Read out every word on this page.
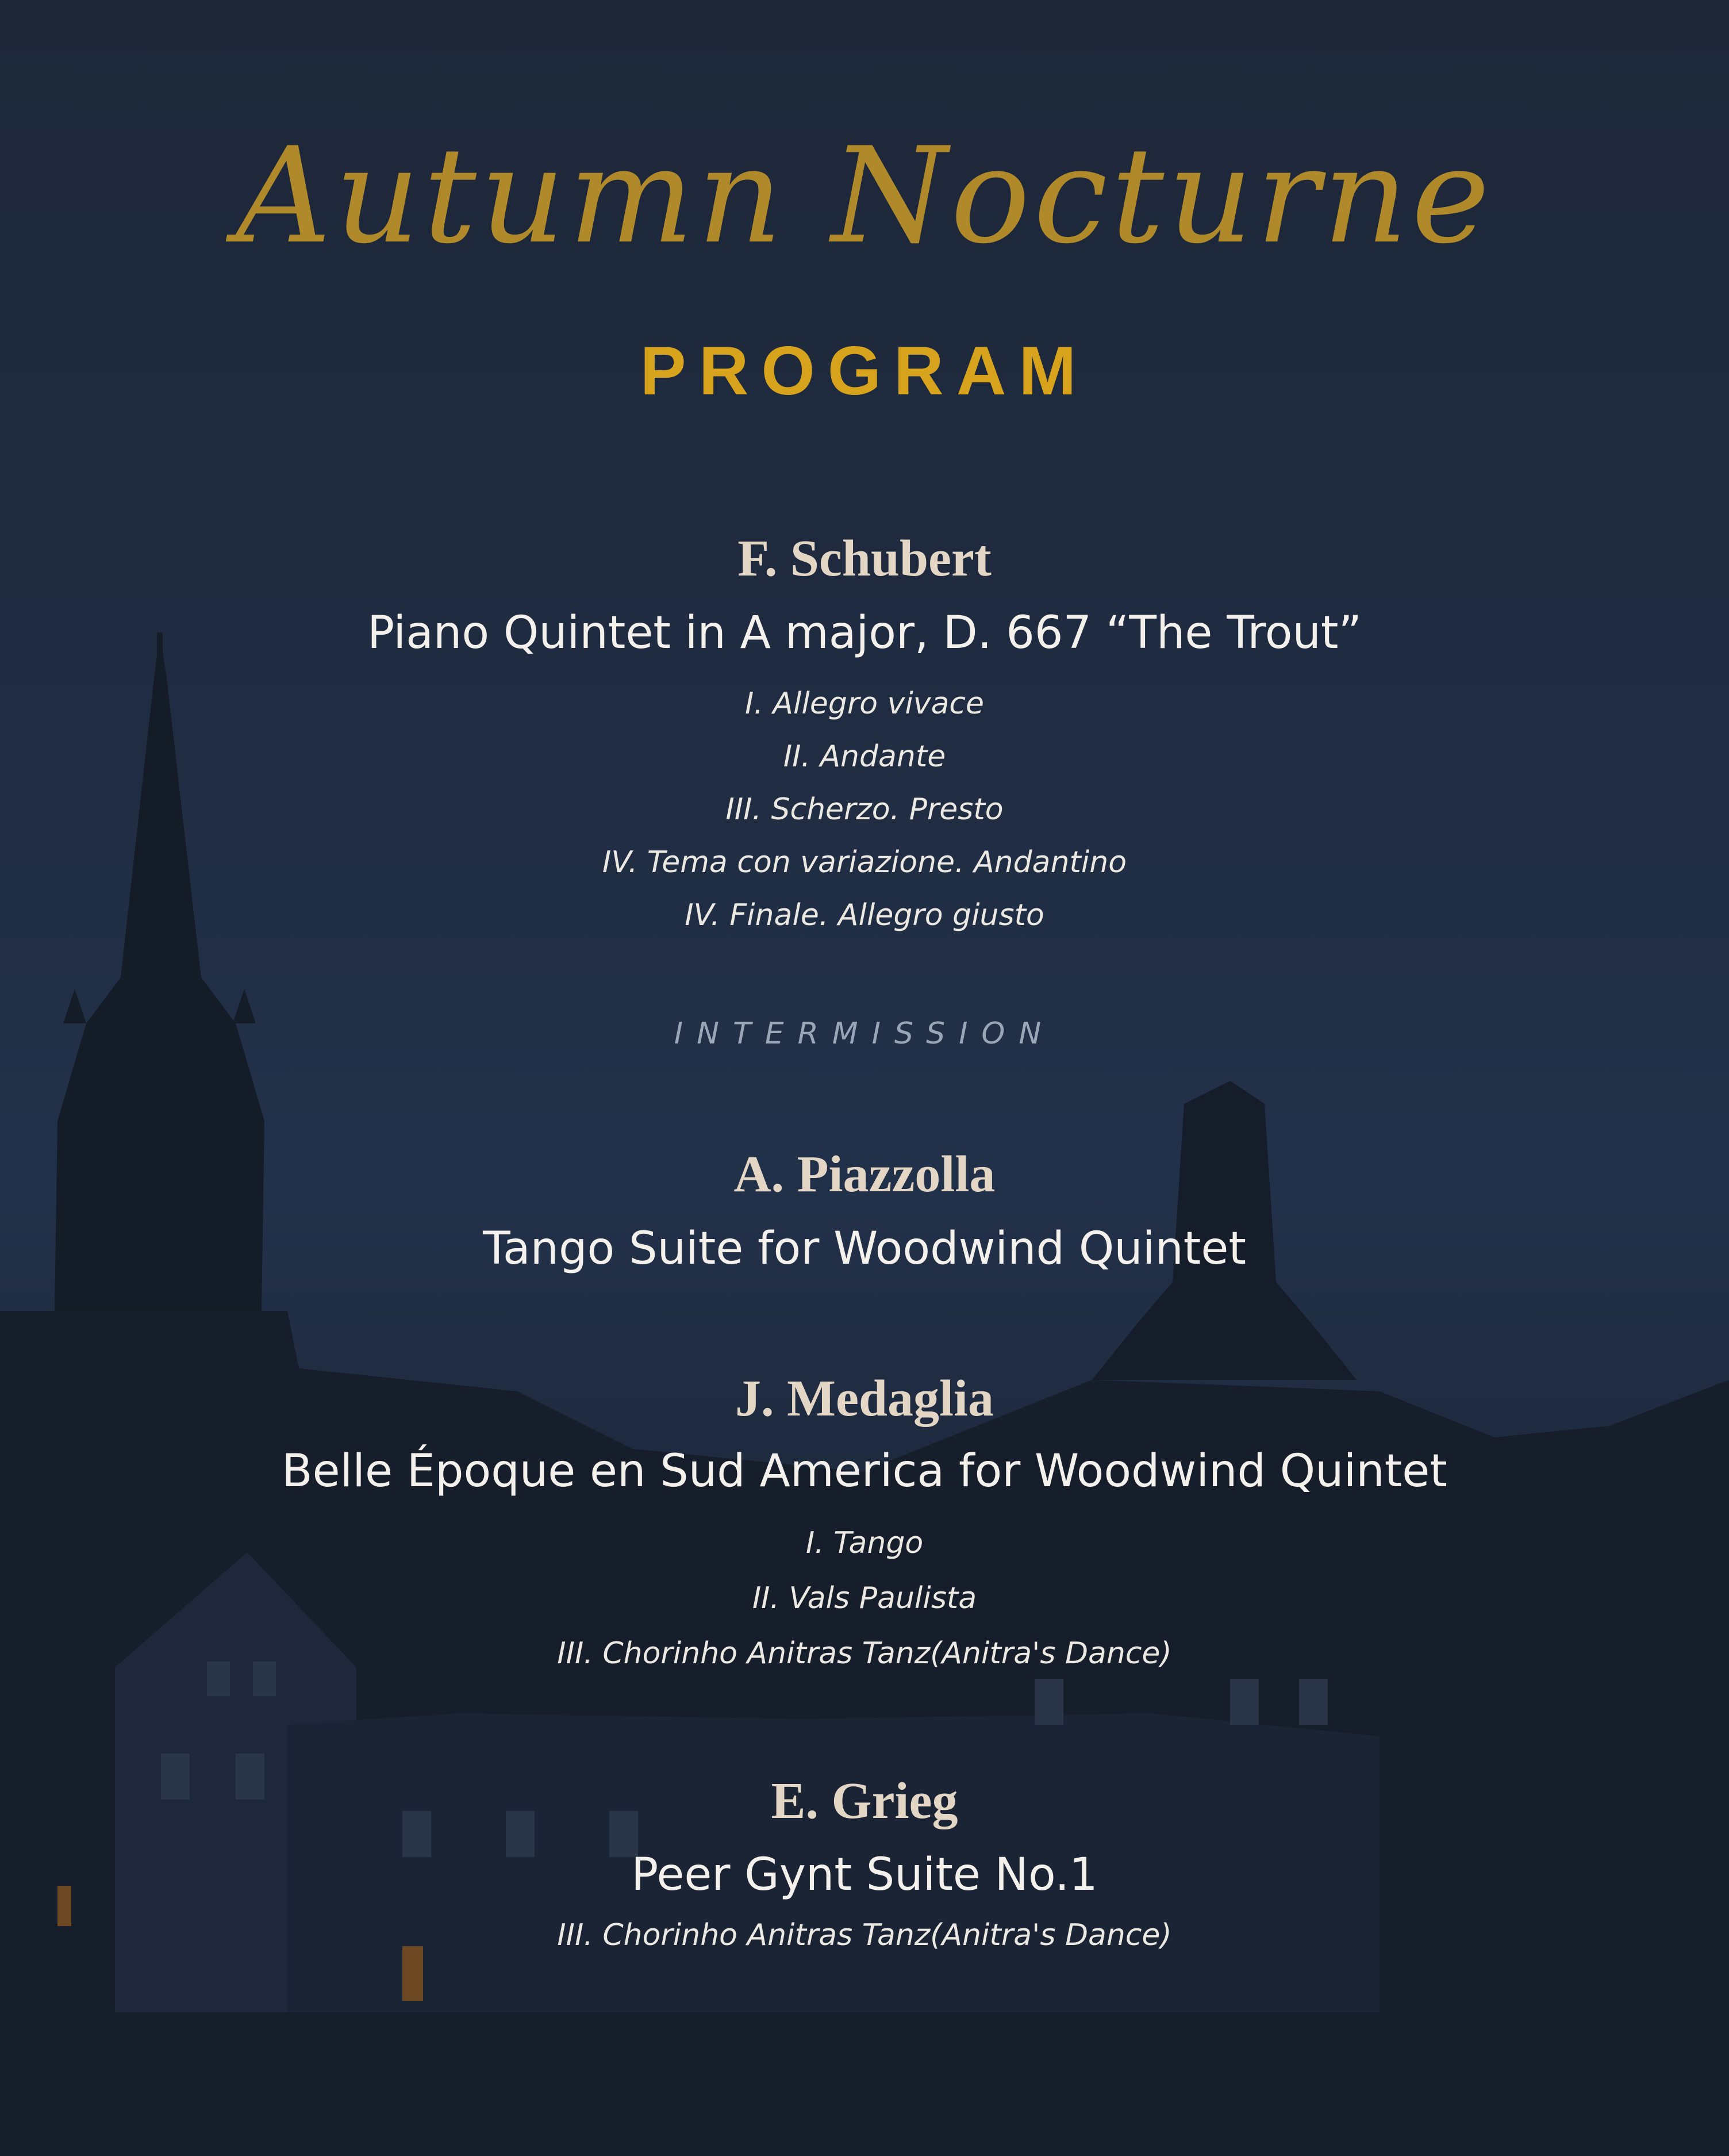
Autumn Nocturne
PROGRAM
F. Schubert
Piano Quintet in A major, D. 667 “The Trout”
I. Allegro vivace
II. Andante
III. Scherzo. Presto
IV. Tema con variazione. Andantino
IV. Finale. Allegro giusto
INTERMISSION
A. Piazzolla
Tango Suite for Woodwind Quintet
J. Medaglia
Belle Époque en Sud America for Woodwind Quintet
I. Tango
II. Vals Paulista
III. Chorinho Anitras Tanz(Anitra's Dance)
E. Grieg
Peer Gynt Suite No.1
III. Chorinho Anitras Tanz(Anitra's Dance)
